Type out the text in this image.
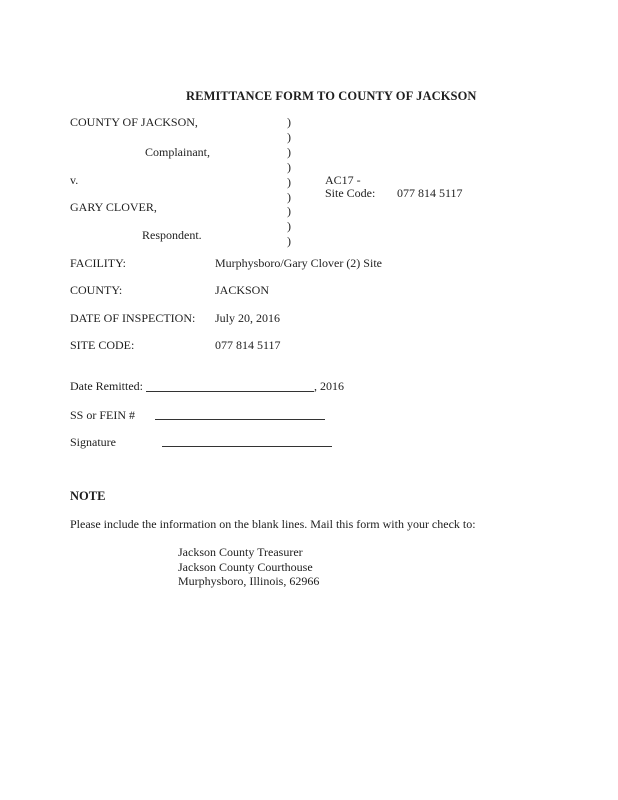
REMITTANCE FORM TO COUNTY OF JACKSON
COUNTY OF JACKSON,
Complainant,
v.
GARY CLOVER,
Respondent.
)
)
)
)
)
)
)
)
)
AC17 -
Site Code: 077 814 5117
FACILITY:	Murphysboro/Gary Clover (2) Site
COUNTY:	JACKSON
DATE OF INSPECTION: July 20, 2016
SITE CODE:	077 814 5117
Date Remitted:	, 2016
SS or FEIN #
Signature
NOTE
Please include the information on the blank lines. Mail this form with your check to:
Jackson County Treasurer
Jackson County Courthouse
Murphysboro, Illinois, 62966
